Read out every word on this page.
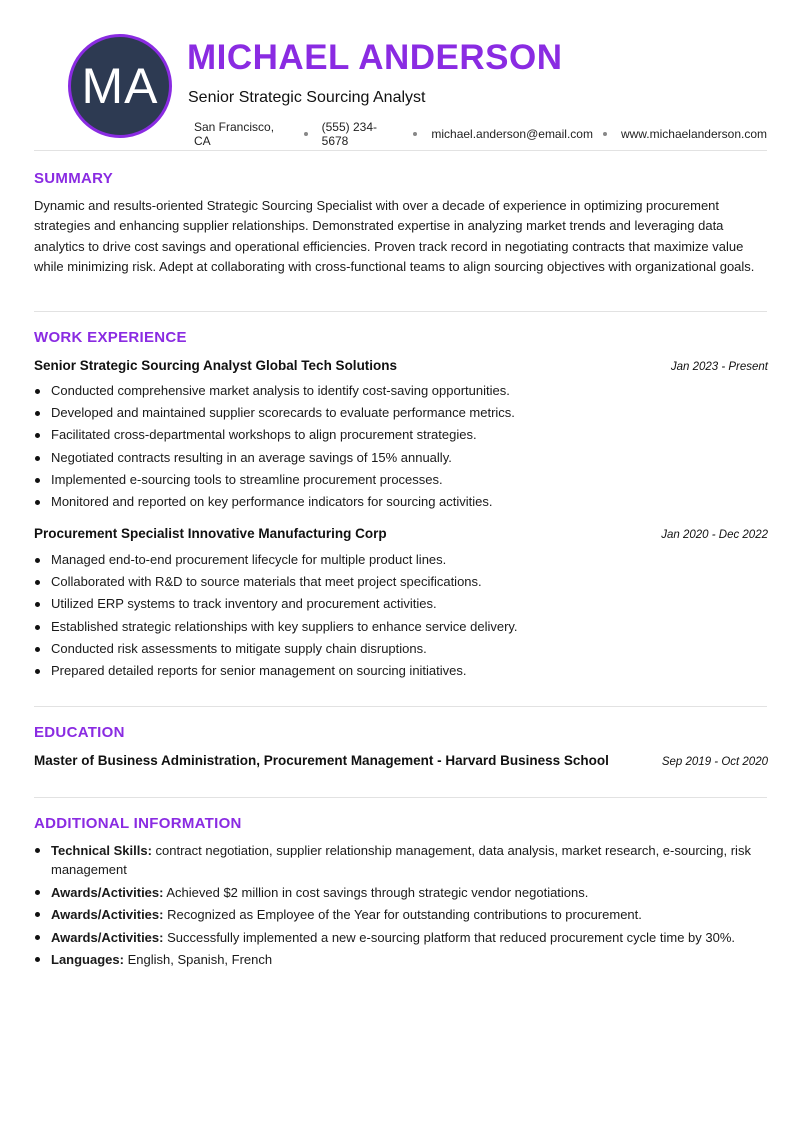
MA
MICHAEL ANDERSON
Senior Strategic Sourcing Analyst
San Francisco, CA
(555) 234-5678	michael.anderson@email.com www.michaelanderson.com
SUMMARY
Dynamic and results-oriented Strategic Sourcing Specialist with over a decade of experience in optimizing procurement strategies and enhancing supplier relationships. Demonstrated expertise in analyzing market trends and leveraging data analytics to drive cost savings and operational efficiencies. Proven track record in negotiating contracts that maximize value while minimizing risk. Adept at collaborating with cross-functional teams to align sourcing objectives with organizational goals.
WORK EXPERIENCE
Senior Strategic Sourcing Analyst Global Tech Solutions	Jan 2023 - Present
Conducted comprehensive market analysis to identify cost-saving opportunities.
Developed and maintained supplier scorecards to evaluate performance metrics.
Facilitated cross-departmental workshops to align procurement strategies.
Negotiated contracts resulting in an average savings of 15% annually.
Implemented e-sourcing tools to streamline procurement processes.
Monitored and reported on key performance indicators for sourcing activities.
Procurement Specialist Innovative Manufacturing Corp	Jan 2020 - Dec 2022
Managed end-to-end procurement lifecycle for multiple product lines.
Collaborated with R&D to source materials that meet project specifications.
Utilized ERP systems to track inventory and procurement activities.
Established strategic relationships with key suppliers to enhance service delivery.
Conducted risk assessments to mitigate supply chain disruptions.
Prepared detailed reports for senior management on sourcing initiatives.
EDUCATION
Master of Business Administration, Procurement Management - Harvard Business School	Sep 2019 - Oct 2020
ADDITIONAL INFORMATION
Technical Skills: contract negotiation, supplier relationship management, data analysis, market research, e-sourcing, risk management
Awards/Activities: Achieved $2 million in cost savings through strategic vendor negotiations.
Awards/Activities: Recognized as Employee of the Year for outstanding contributions to procurement.
Awards/Activities: Successfully implemented a new e-sourcing platform that reduced procurement cycle time by 30%.
Languages: English, Spanish, French
